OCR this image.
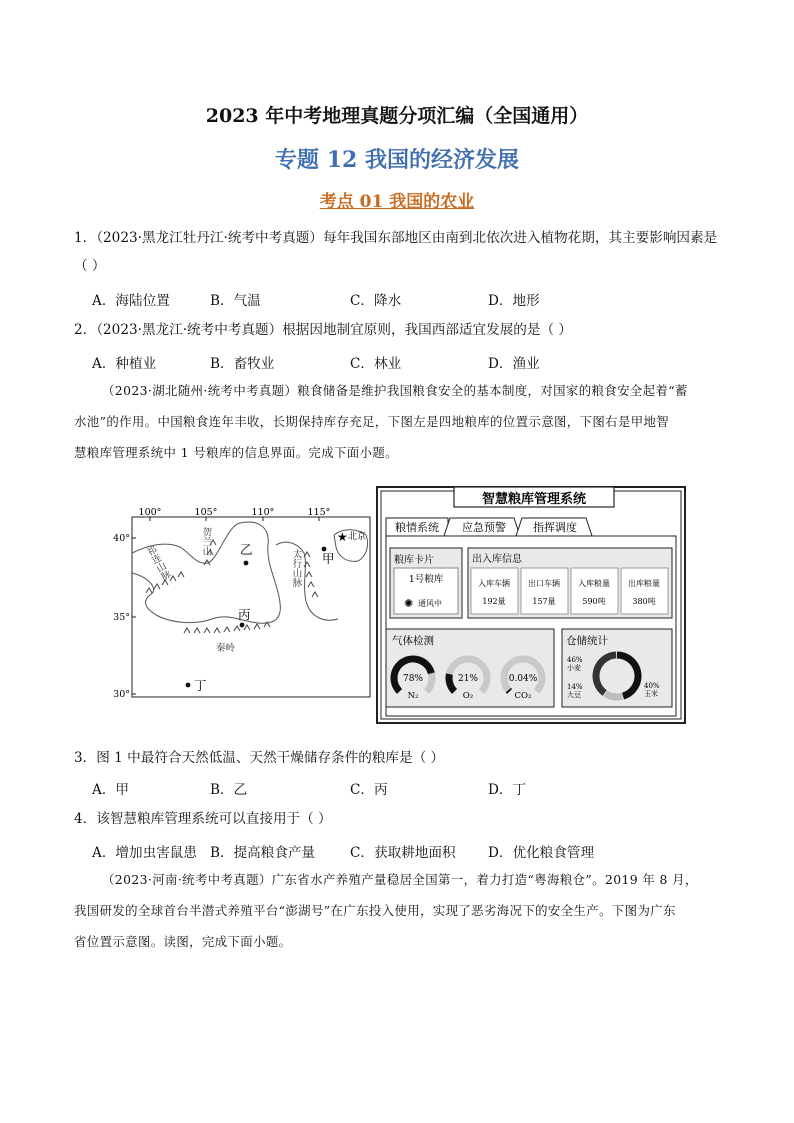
2023 年中考地理真题分项汇编（全国通用）
专题 12 我国的经济发展
考点 01 我国的农业
1．（2023·黑龙江牡丹江·统考中考真题）每年我国东部地区由南到北依次进入植物花期，其主要影响因素是
（ ）
A．海陆位置	B．气温	C．降水	D．地形
2．（2023·黑龙江·统考中考真题）根据因地制宜原则，我国西部适宜发展的是（ ）
A．种植业	B．畜牧业	C．林业	D．渔业
（2023·湖北随州·统考中考真题）粮食储备是维护我国粮食安全的基本制度，对国家的粮食安全起着“蓄
水池”的作用。中国粮食连年丰收，长期保持库存充足，下图左是四地粮库的位置示意图，下图右是甲地智
慧粮库管理系统中 1 号粮库的信息界面。完成下面小题。
100°	105°	110°	115°
40°
35°
30°
祁连山脉
贺兰山
太行山脉
秦岭
乙
丙
甲
丁
★ 北京
智慧粮库管理系统
粮情系统 应急预警 指挥调度
粮库卡片
1号粮库
✺ 通风中
出入库信息
入库车辆
192量
出口车辆
157量
入库粮量
590吨
出库粮量
380吨
气体检测
78%
N₂
21%
O₂
0.04%
CO₂
仓储统计
46%
小麦
14%
大豆
40%
玉米
3．图 1 中最符合天然低温、天然干燥储存条件的粮库是（ ）
A．甲	B．乙	C．丙	D．丁
4．该智慧粮库管理系统可以直接用于（ ）
A．增加虫害鼠患 B．提高粮食产量	C．获取耕地面积 D．优化粮食管理
（2023·河南·统考中考真题）广东省水产养殖产量稳居全国第一，着力打造“粤海粮仓”。2019 年 8 月，
我国研发的全球首台半潜式养殖平台“澎湖号”在广东投入使用，实现了恶劣海况下的安全生产。下图为广东
省位置示意图。读图，完成下面小题。
